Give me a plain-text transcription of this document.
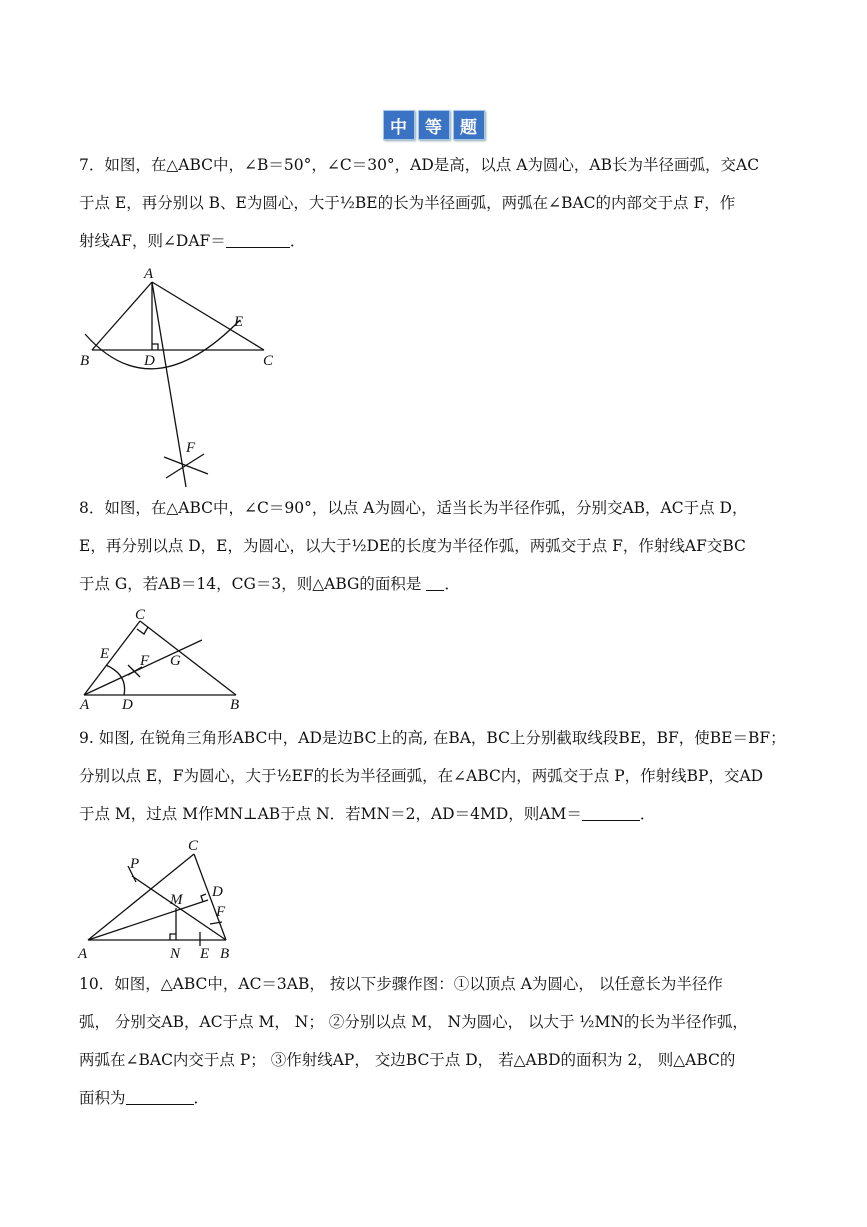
中	等	题

7．如图，在△ABC中，∠B＝50°，∠C＝30°，AD是高，以点 A为圆心，AB长为半径画弧，交AC

于点 E，再分别以 B、E为圆心，大于½BE的长为半径画弧，两弧在∠BAC的内部交于点 F，作

射线AF，则∠DAF＝	．

A
B	D	C
E
F

8．如图，在△ABC中，∠C＝90°，以点 A为圆心，适当长为半径作弧，分别交AB，AC于点 D，

E，再分别以点 D，E，为圆心，以大于½DE的长度为半径作弧，两弧交于点 F，作射线AF交BC

于点 G，若AB＝14，CG＝3，则△ABG的面积是 ．

C
E F G
A D	B

9. 如图, 在锐角三角形ABC中，AD是边BC上的高, 在BA，BC上分别截取线段BE，BF，使BE＝BF；

分别以点 E，F为圆心，大于½EF的长为半径画弧，在∠ABC内，两弧交于点 P，作射线BP，交AD

于点 M，过点 M作MN⊥AB于点 N．若MN＝2，AD＝4MD，则AM＝	．

C
P
D
M
F
A	N E B

10．如图，△ABC中，AC＝3AB， 按以下步骤作图：①以顶点 A为圆心， 以任意长为半径作

弧， 分别交AB，AC于点 M， N； ②分别以点 M， N为圆心， 以大于 ½MN的长为半径作弧，

两弧在∠BAC内交于点 P； ③作射线AP， 交边BC于点 D， 若△ABD的面积为 2， 则△ABC的

面积为	．
